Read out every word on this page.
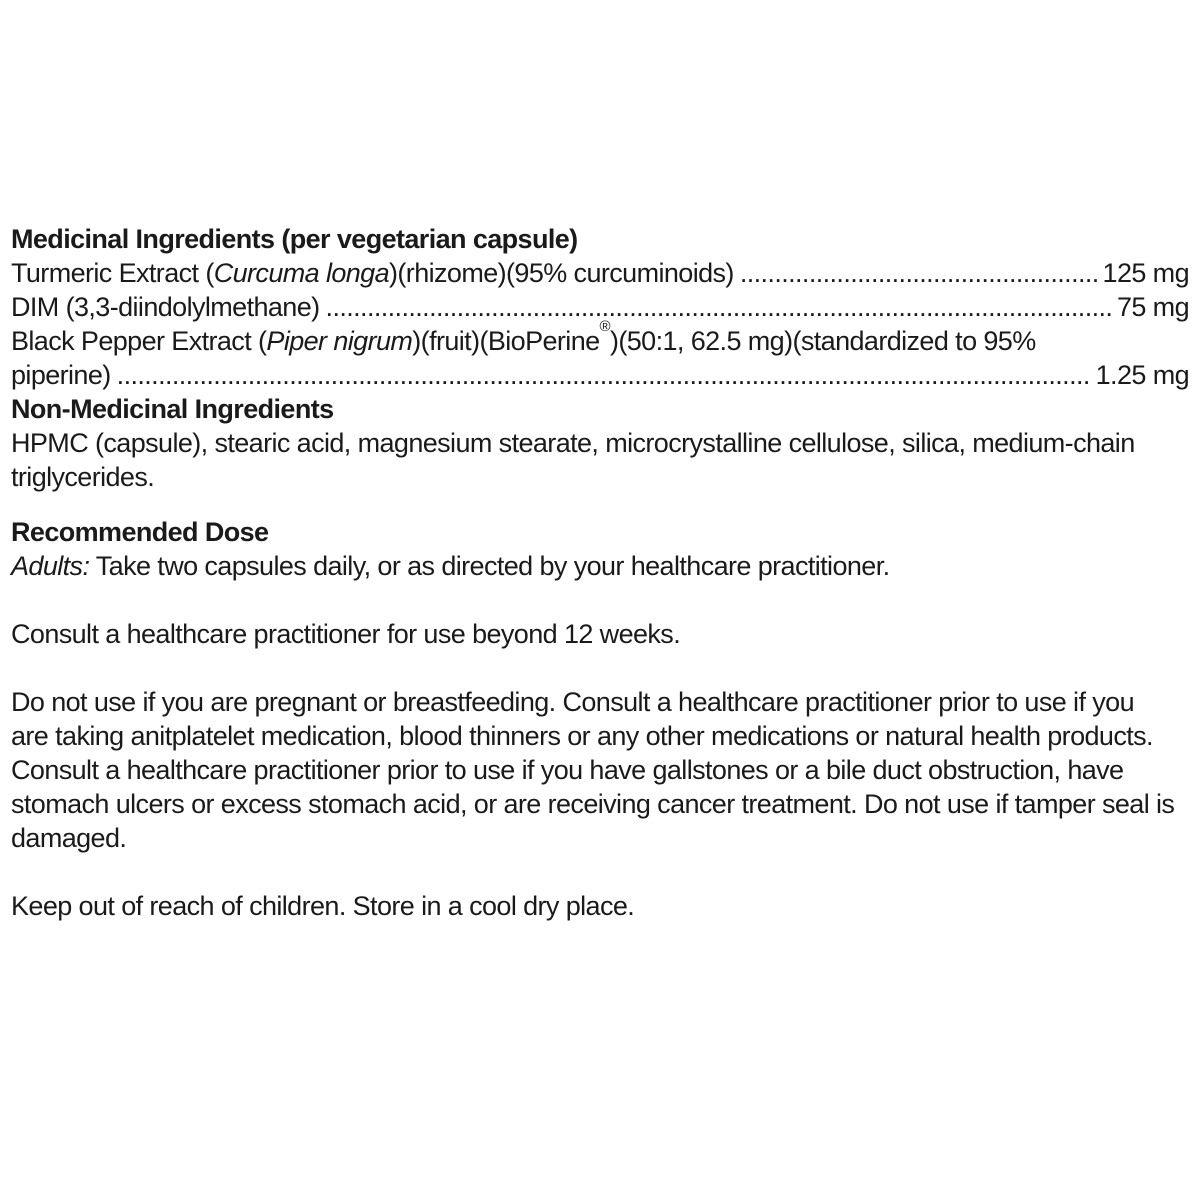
Medicinal Ingredients (per vegetarian capsule)
Turmeric Extract (Curcuma longa)(rhizome)(95% curcuminoids) .....	125 mg
DIM (3,3-diindolylmethane) .....	75 mg
Black Pepper Extract (Piper nigrum)(fruit)(BioPerine®)(50:1, 62.5 mg)(standardized to 95%
piperine) .....	1.25 mg
Non-Medicinal Ingredients
HPMC (capsule), stearic acid, magnesium stearate, microcrystalline cellulose, silica, medium-chain
triglycerides.
Recommended Dose
Adults: Take two capsules daily, or as directed by your healthcare practitioner.
Consult a healthcare practitioner for use beyond 12 weeks.
Do not use if you are pregnant or breastfeeding. Consult a healthcare practitioner prior to use if you
are taking anitplatelet medication, blood thinners or any other medications or natural health products.
Consult a healthcare practitioner prior to use if you have gallstones or a bile duct obstruction, have
stomach ulcers or excess stomach acid, or are receiving cancer treatment. Do not use if tamper seal is
damaged.
Keep out of reach of children. Store in a cool dry place.
